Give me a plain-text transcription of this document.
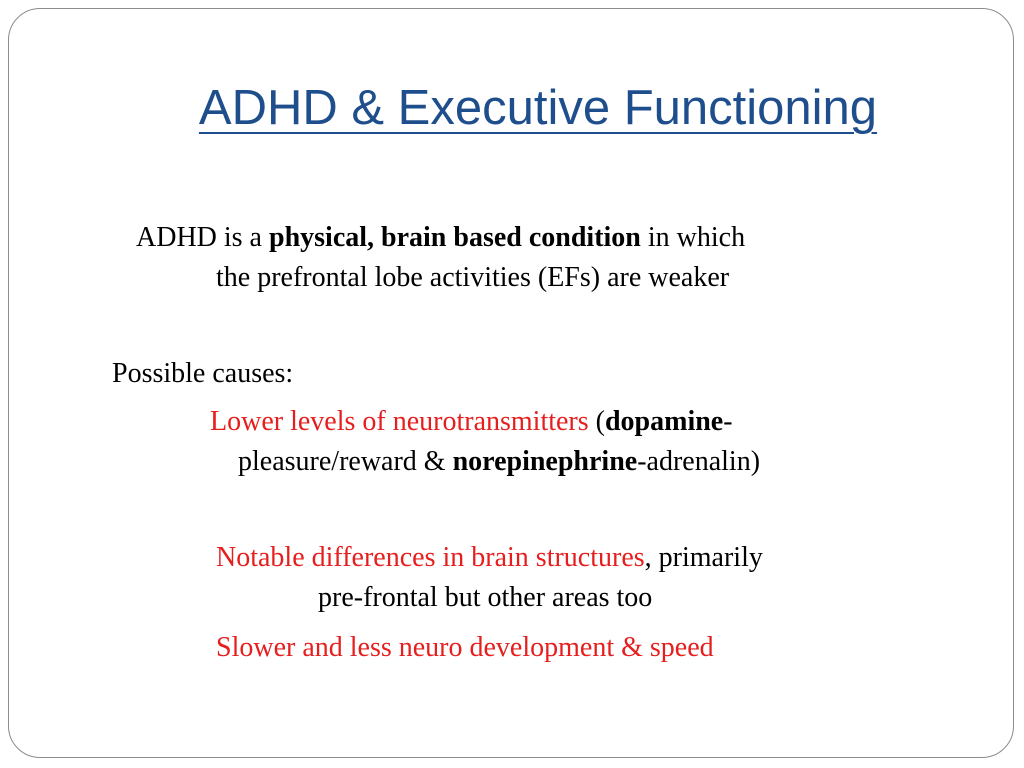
ADHD & Executive Functioning
ADHD is a physical, brain based condition in which
the prefrontal lobe activities (EFs) are weaker
Possible causes:
Lower levels of neurotransmitters (dopamine-
pleasure/reward & norepinephrine-adrenalin)
Notable differences in brain structures, primarily
pre-frontal but other areas too
Slower and less neuro development & speed
